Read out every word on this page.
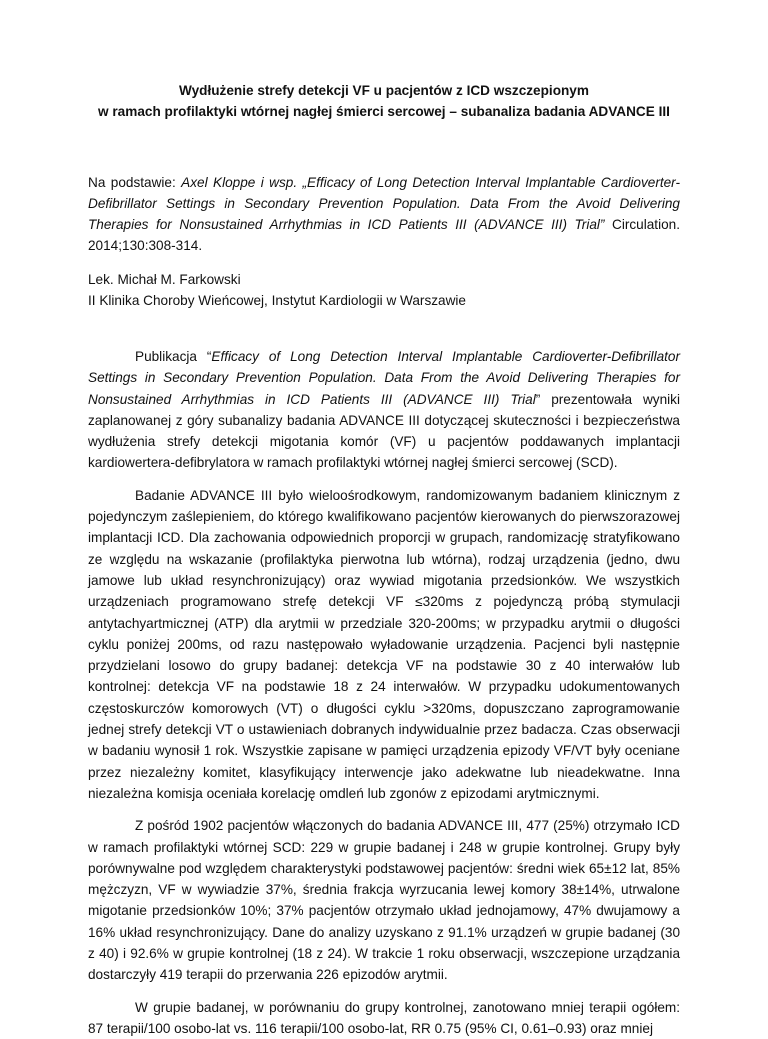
Wydłużenie strefy detekcji VF u pacjentów z ICD wszczepionym
w ramach profilaktyki wtórnej nagłej śmierci sercowej – subanaliza badania ADVANCE III

Na podstawie: Axel Kloppe i wsp. „Efficacy of Long Detection Interval Implantable Cardioverter-Defibrillator Settings in Secondary Prevention Population. Data From the Avoid Delivering Therapies for Nonsustained Arrhythmias in ICD Patients III (ADVANCE III) Trial” Circulation. 2014;130:308-314.

Lek. Michał M. Farkowski
II Klinika Choroby Wieńcowej, Instytut Kardiologii w Warszawie

Publikacja “Efficacy of Long Detection Interval Implantable Cardioverter-Defibrillator Settings in Secondary Prevention Population. Data From the Avoid Delivering Therapies for Nonsustained Arrhythmias in ICD Patients III (ADVANCE III) Trial” prezentowała wyniki zaplanowanej z góry subanalizy badania ADVANCE III dotyczącej skuteczności i bezpieczeństwa wydłużenia strefy detekcji migotania komór (VF) u pacjentów poddawanych implantacji kardiowertera-defibrylatora w ramach profilaktyki wtórnej nagłej śmierci sercowej (SCD).

Badanie ADVANCE III było wieloośrodkowym, randomizowanym badaniem klinicznym z pojedynczym zaślepieniem, do którego kwalifikowano pacjentów kierowanych do pierwszorazowej implantacji ICD. Dla zachowania odpowiednich proporcji w grupach, randomizację stratyfikowano ze względu na wskazanie (profilaktyka pierwotna lub wtórna), rodzaj urządzenia (jedno, dwu jamowe lub układ resynchronizujący) oraz wywiad migotania przedsionków. We wszystkich urządzeniach programowano strefę detekcji VF ≤320ms z pojedynczą próbą stymulacji antytachyartmicznej (ATP) dla arytmii w przedziale 320-200ms; w przypadku arytmii o długości cyklu poniżej 200ms, od razu następowało wyładowanie urządzenia. Pacjenci byli następnie przydzielani losowo do grupy badanej: detekcja VF na podstawie 30 z 40 interwałów lub kontrolnej: detekcja VF na podstawie 18 z 24 interwałów. W przypadku udokumentowanych częstoskurczów komorowych (VT) o długości cyklu >320ms, dopuszczano zaprogramowanie jednej strefy detekcji VT o ustawieniach dobranych indywidualnie przez badacza. Czas obserwacji w badaniu wynosił 1 rok. Wszystkie zapisane w pamięci urządzenia epizody VF/VT były oceniane przez niezależny komitet, klasyfikujący interwencje jako adekwatne lub nieadekwatne. Inna niezależna komisja oceniała korelację omdleń lub zgonów z epizodami arytmicznymi.

Z pośród 1902 pacjentów włączonych do badania ADVANCE III, 477 (25%) otrzymało ICD w ramach profilaktyki wtórnej SCD: 229 w grupie badanej i 248 w grupie kontrolnej. Grupy były porównywalne pod względem charakterystyki podstawowej pacjentów: średni wiek 65±12 lat, 85% mężczyzn, VF w wywiadzie 37%, średnia frakcja wyrzucania lewej komory 38±14%, utrwalone migotanie przedsionków 10%; 37% pacjentów otrzymało układ jednojamowy, 47% dwujamowy a 16% układ resynchronizujący. Dane do analizy uzyskano z 91.1% urządzeń w grupie badanej (30 z 40) i 92.6% w grupie kontrolnej (18 z 24). W trakcie 1 roku obserwacji, wszczepione urządzania dostarczyły 419 terapii do przerwania 226 epizodów arytmii.

W grupie badanej, w porównaniu do grupy kontrolnej, zanotowano mniej terapii ogółem: 87 terapii/100 osobo-lat vs. 116 terapii/100 osobo-lat, RR 0.75 (95% CI, 0.61–0.93) oraz mniej
